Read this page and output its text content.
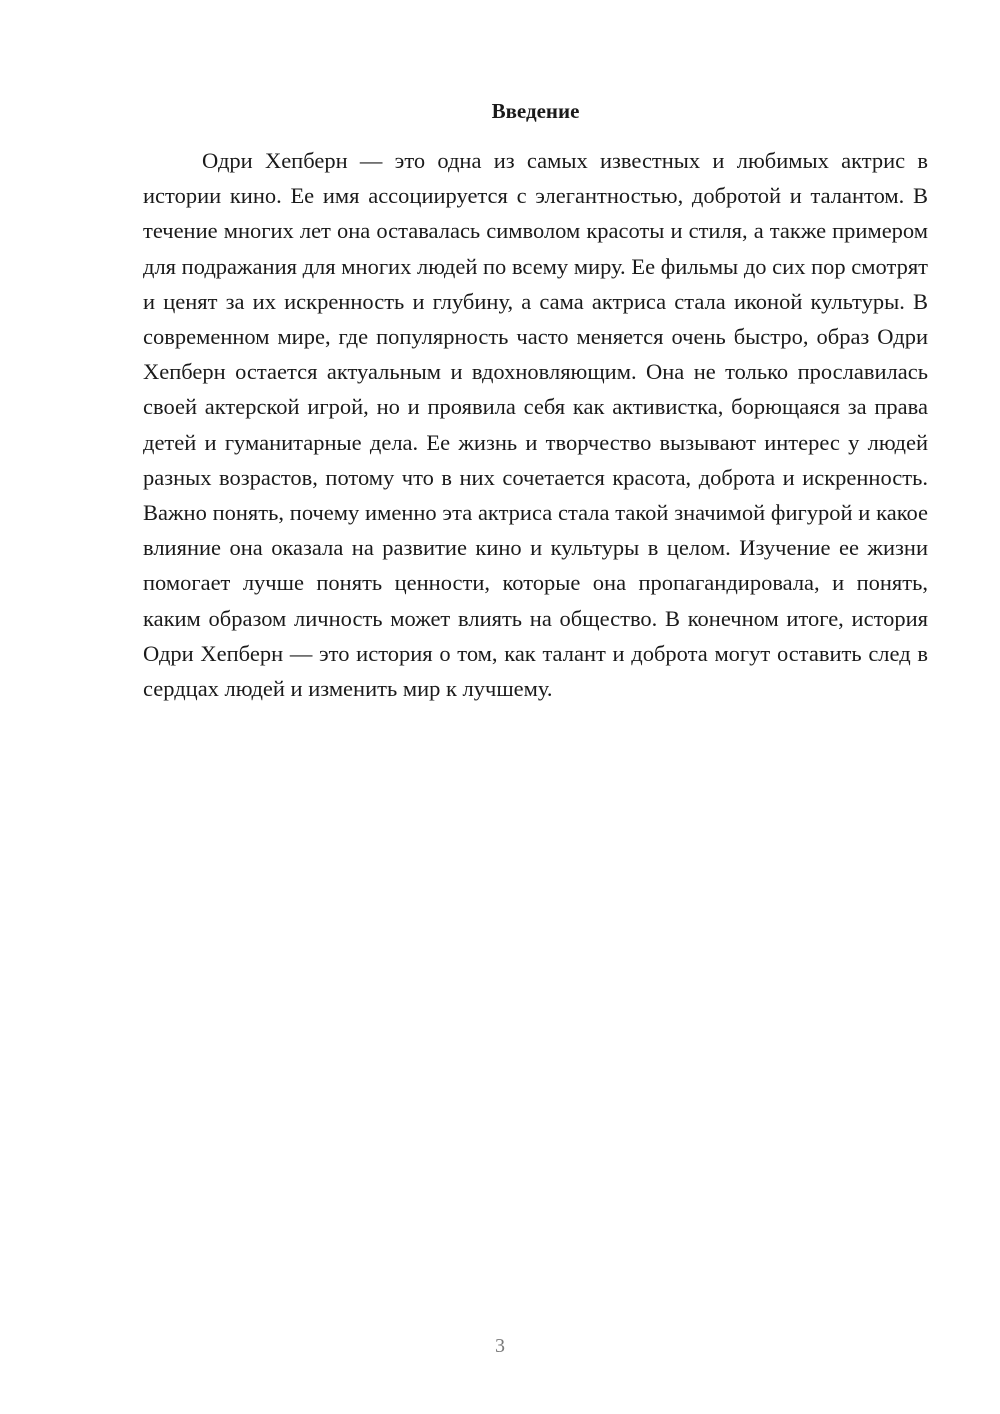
Введение

Одри Хепберн — это одна из самых известных и любимых актрис в истории кино. Ее имя ассоциируется с элегантностью, добротой и талантом. В течение многих лет она оставалась символом красоты и стиля, а также примером для подражания для многих людей по всему миру. Ее фильмы до сих пор смотрят и ценят за их искренность и глубину, а сама актриса стала иконой культуры. В современном мире, где популярность часто меняется очень быстро, образ Одри Хепберн остается актуальным и вдохновляющим. Она не только прославилась своей актерской игрой, но и проявила себя как активистка, борющаяся за права детей и гуманитарные дела. Ее жизнь и творчество вызывают интерес у людей разных возрастов, потому что в них сочетается красота, доброта и искренность. Важно понять, почему именно эта актриса стала такой значимой фигурой и какое влияние она оказала на развитие кино и культуры в целом. Изучение ее жизни помогает лучше понять ценности, которые она пропагандировала, и понять, каким образом личность может влиять на общество. В конечном итоге, история Одри Хепберн — это история о том, как талант и доброта могут оставить след в сердцах людей и изменить мир к лучшему.

3
